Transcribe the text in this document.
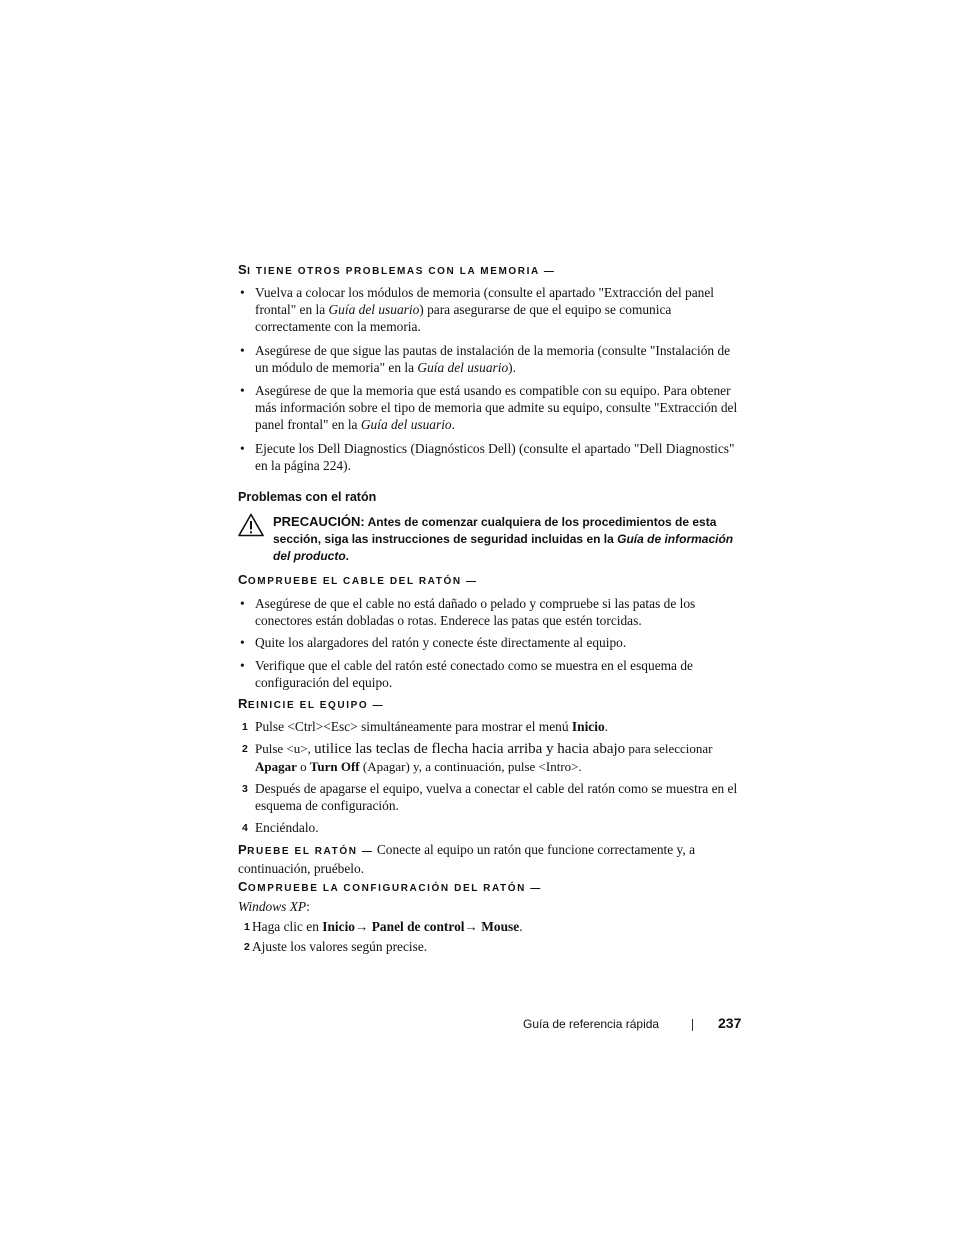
SI TIENE OTROS PROBLEMAS CON LA MEMORIA —
• Vuelva a colocar los módulos de memoria (consulte el apartado "Extracción del panel frontal" en la Guía del usuario) para asegurarse de que el equipo se comunica correctamente con la memoria.
• Asegúrese de que sigue las pautas de instalación de la memoria (consulte "Instalación de un módulo de memoria" en la Guía del usuario).
• Asegúrese de que la memoria que está usando es compatible con su equipo. Para obtener más información sobre el tipo de memoria que admite su equipo, consulte "Extracción del panel frontal" en la Guía del usuario.
• Ejecute los Dell Diagnostics (Diagnósticos Dell) (consulte el apartado "Dell Diagnostics" en la página 224).
Problemas con el ratón
PRECAUCIÓN: Antes de comenzar cualquiera de los procedimientos de esta sección, siga las instrucciones de seguridad incluidas en la Guía de información del producto.
COMPRUEBE EL CABLE DEL RATÓN —
• Asegúrese de que el cable no está dañado o pelado y compruebe si las patas de los conectores están dobladas o rotas. Enderece las patas que estén torcidas.
• Quite los alargadores del ratón y conecte éste directamente al equipo.
• Verifique que el cable del ratón esté conectado como se muestra en el esquema de configuración del equipo.
REINICIE EL EQUIPO —
1 Pulse <Ctrl><Esc> simultáneamente para mostrar el menú Inicio.
2 Pulse <u>, utilice las teclas de flecha hacia arriba y hacia abajo para seleccionar Apagar o Turn Off (Apagar) y, a continuación, pulse <Intro>.
3 Después de apagarse el equipo, vuelva a conectar el cable del ratón como se muestra en el esquema de configuración.
4 Enciéndalo.
PRUEBE EL RATÓN — Conecte al equipo un ratón que funcione correctamente y, a continuación, pruébelo.
COMPRUEBE LA CONFIGURACIÓN DEL RATÓN —
Windows XP:
1 Haga clic en Inicio→ Panel de control→ Mouse.
2 Ajuste los valores según precise.
Guía de referencia rápida	237
